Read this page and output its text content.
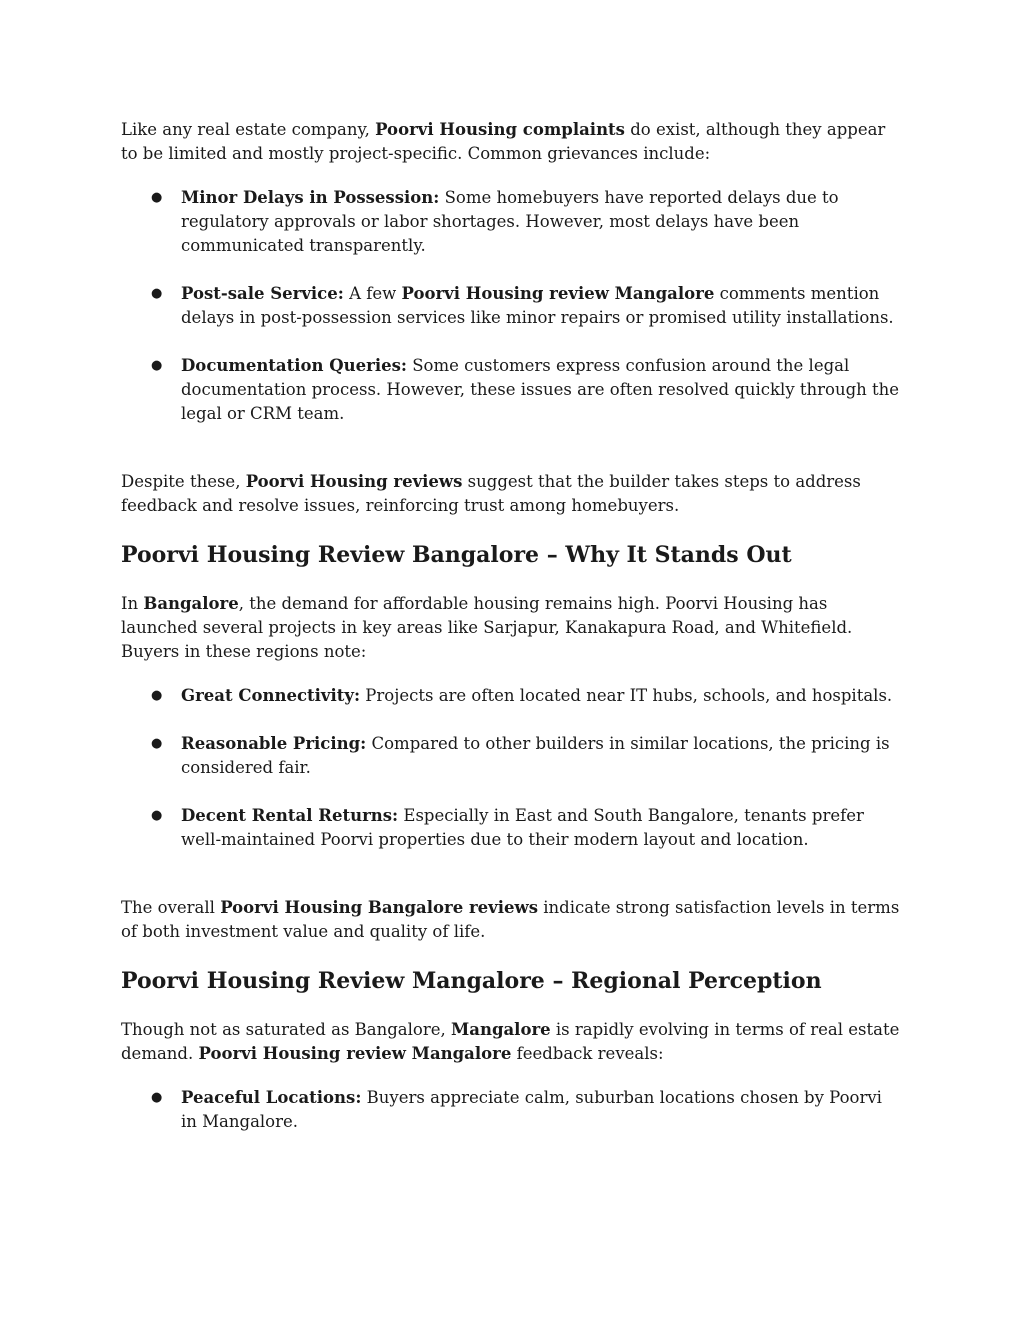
Like any real estate company, Poorvi Housing complaints do exist, although they appear to be limited and mostly project-specific. Common grievances include:

● Minor Delays in Possession: Some homebuyers have reported delays due to regulatory approvals or labor shortages. However, most delays have been communicated transparently.
● Post-sale Service: A few Poorvi Housing review Mangalore comments mention delays in post-possession services like minor repairs or promised utility installations.
● Documentation Queries: Some customers express confusion around the legal documentation process. However, these issues are often resolved quickly through the legal or CRM team.

Despite these, Poorvi Housing reviews suggest that the builder takes steps to address feedback and resolve issues, reinforcing trust among homebuyers.

Poorvi Housing Review Bangalore – Why It Stands Out

In Bangalore, the demand for affordable housing remains high. Poorvi Housing has launched several projects in key areas like Sarjapur, Kanakapura Road, and Whitefield. Buyers in these regions note:

● Great Connectivity: Projects are often located near IT hubs, schools, and hospitals.
● Reasonable Pricing: Compared to other builders in similar locations, the pricing is considered fair.
● Decent Rental Returns: Especially in East and South Bangalore, tenants prefer well-maintained Poorvi properties due to their modern layout and location.

The overall Poorvi Housing Bangalore reviews indicate strong satisfaction levels in terms of both investment value and quality of life.

Poorvi Housing Review Mangalore – Regional Perception

Though not as saturated as Bangalore, Mangalore is rapidly evolving in terms of real estate demand. Poorvi Housing review Mangalore feedback reveals:

● Peaceful Locations: Buyers appreciate calm, suburban locations chosen by Poorvi in Mangalore.
